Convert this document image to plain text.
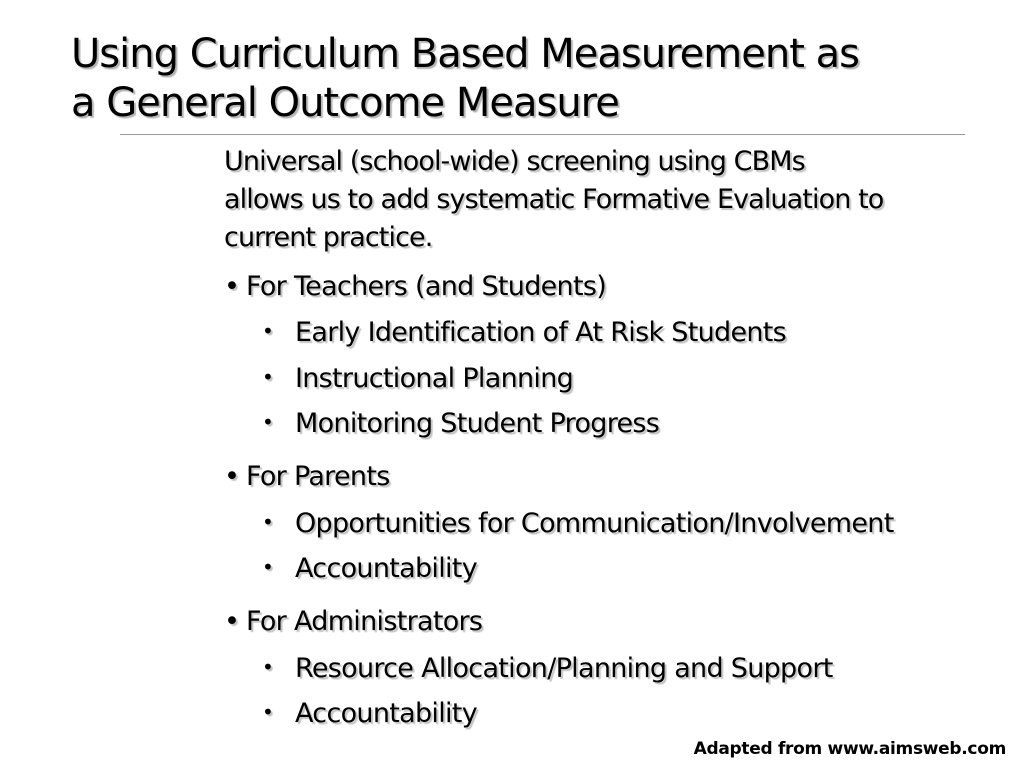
Using Curriculum Based Measurement as
a General Outcome Measure

Universal (school-wide) screening using CBMs
allows us to add systematic Formative Evaluation to
current practice.

• For Teachers (and Students)
• Early Identification of At Risk Students
• Instructional Planning
• Monitoring Student Progress
• For Parents
• Opportunities for Communication/Involvement
• Accountability
• For Administrators
• Resource Allocation/Planning and Support
• Accountability
Adapted from www.aimsweb.com
